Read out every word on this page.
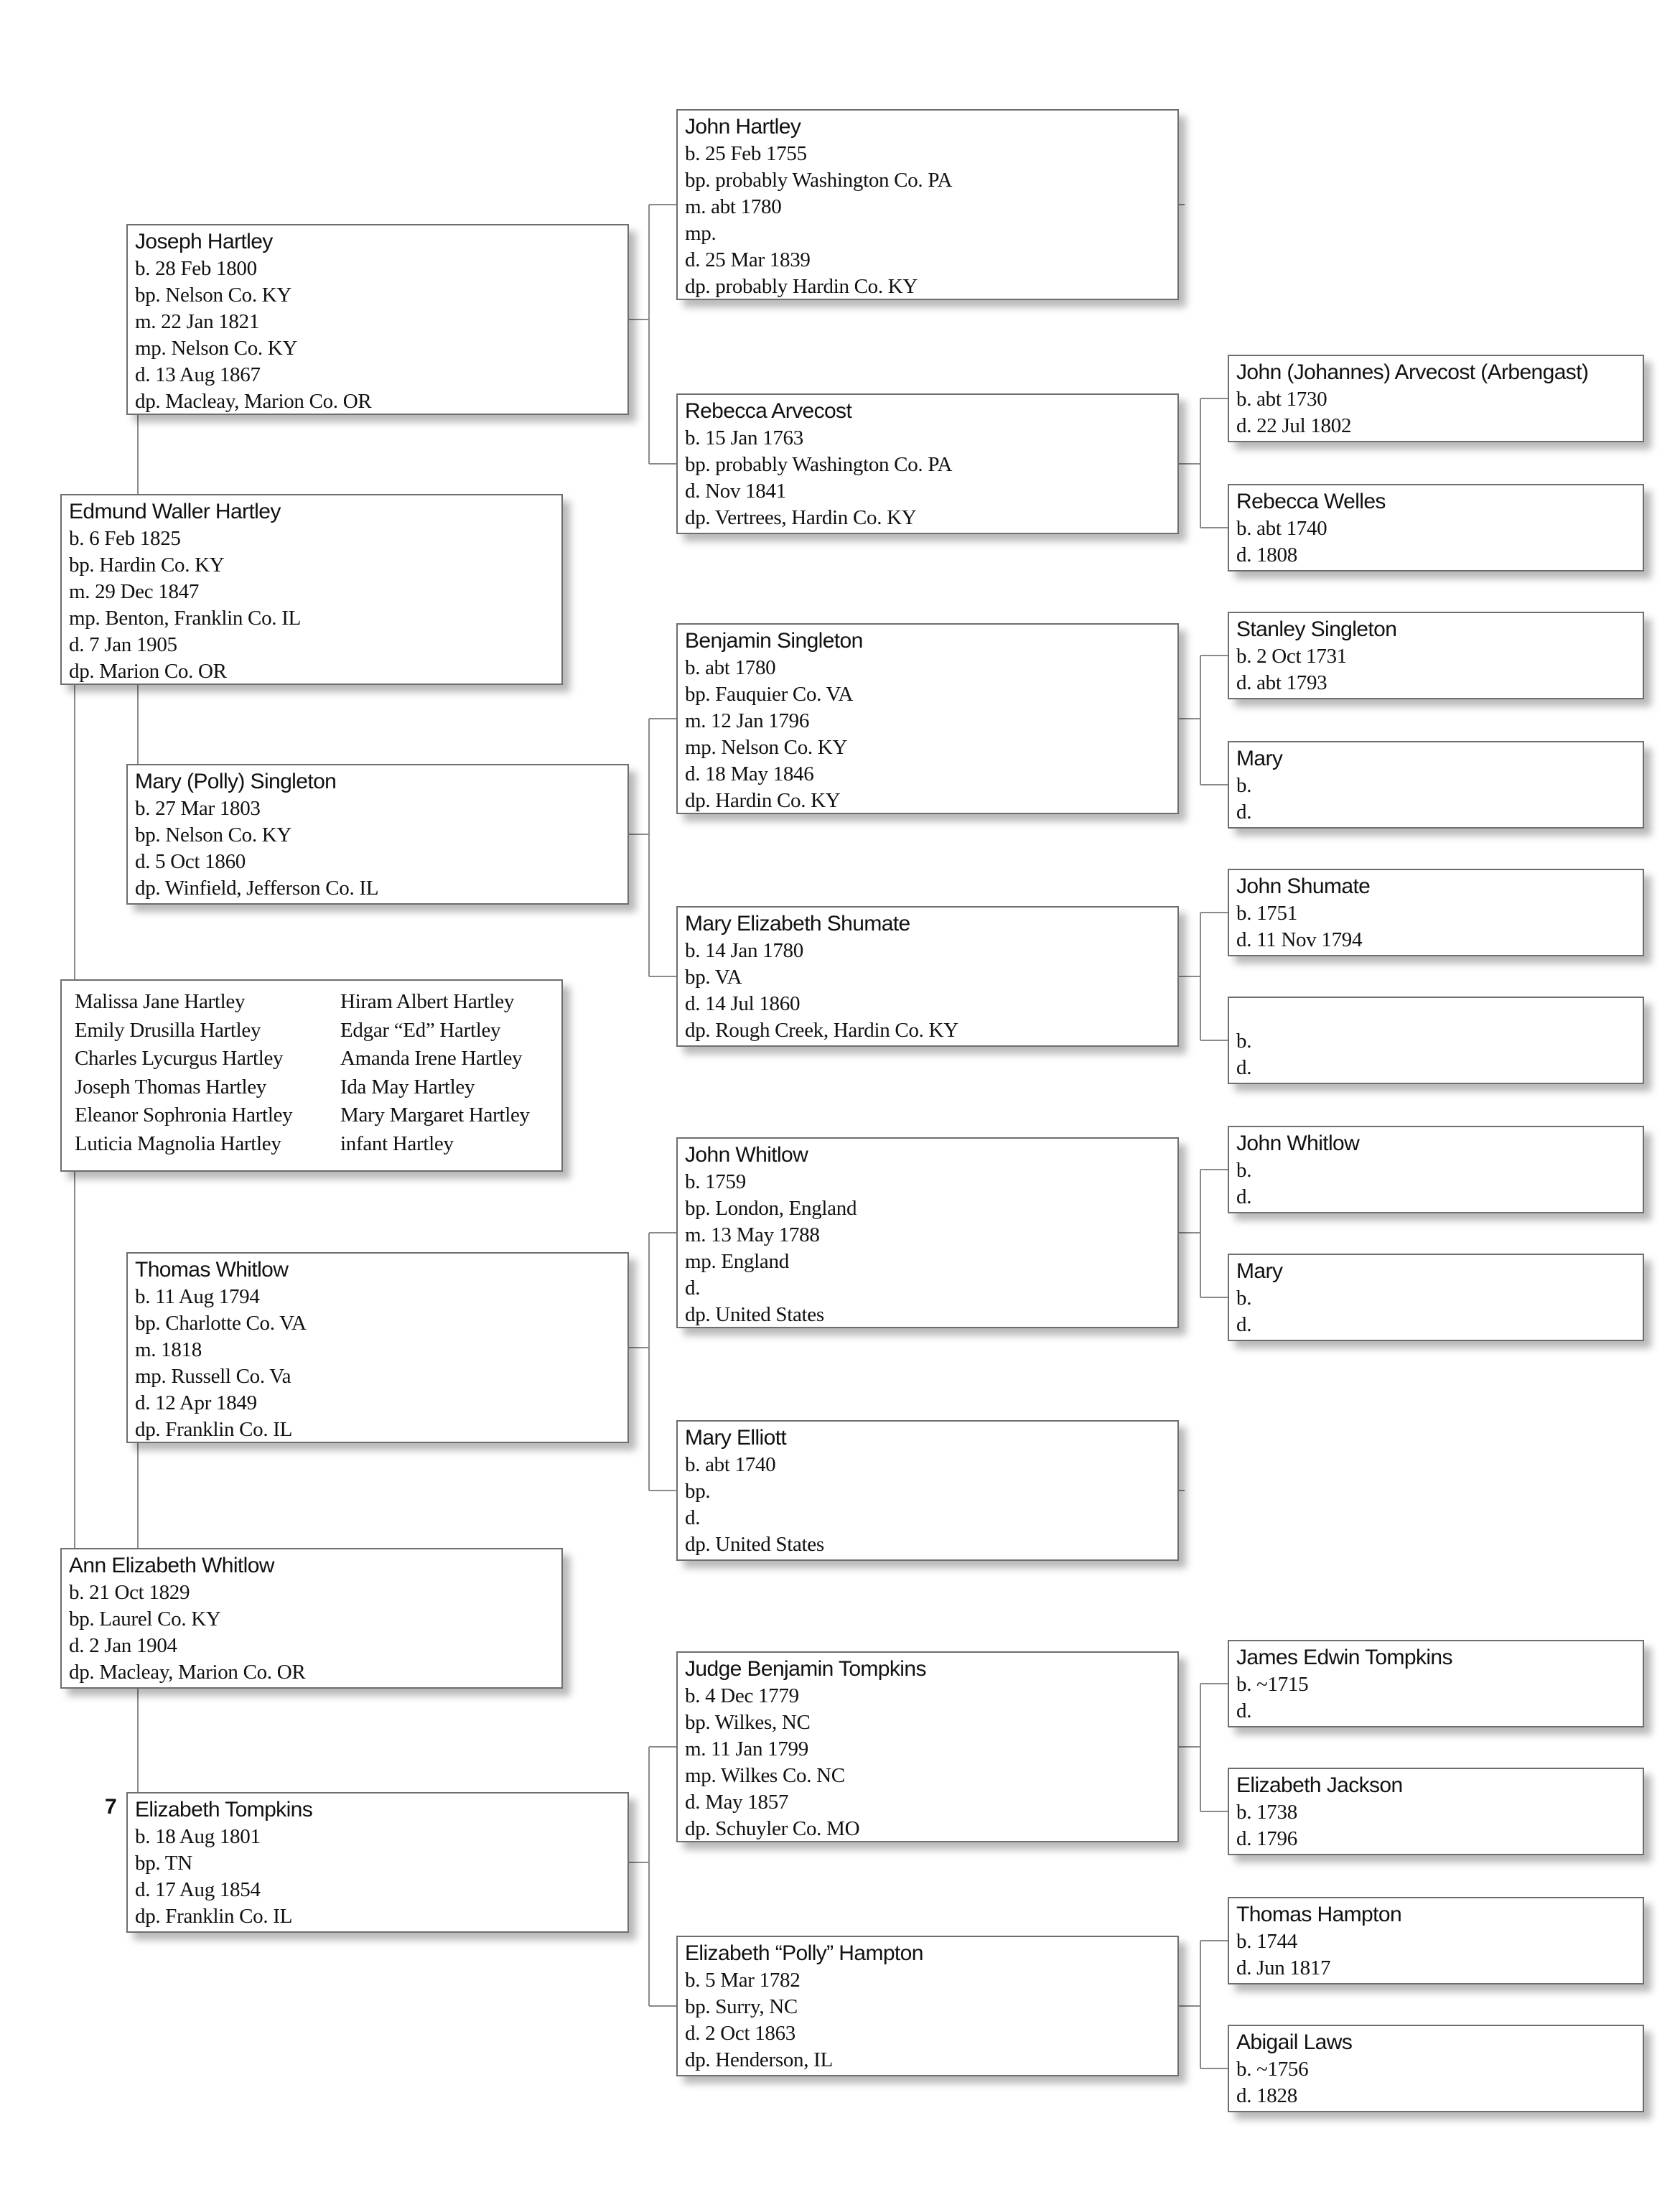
Malissa Jane Hartley
Emily Drusilla Hartley
Charles Lycurgus Hartley
Joseph Thomas Hartley
Eleanor Sophronia Hartley
Luticia Magnolia Hartley
Hiram Albert Hartley
Edgar “Ed” Hartley
Amanda Irene Hartley
Ida May Hartley
Mary Margaret Hartley
infant Hartley
Joseph Hartley
b. 28 Feb 1800
bp. Nelson Co. KY
m. 22 Jan 1821
mp. Nelson Co. KY
d. 13 Aug 1867
dp. Macleay, Marion Co. OR
Edmund Waller Hartley
b. 6 Feb 1825
bp. Hardin Co. KY
m. 29 Dec 1847
mp. Benton, Franklin Co. IL
d. 7 Jan 1905
dp. Marion Co. OR
Mary (Polly) Singleton
b. 27 Mar 1803
bp. Nelson Co. KY
d. 5 Oct 1860
dp. Winfield, Jefferson Co. IL
Thomas Whitlow
b. 11 Aug 1794
bp. Charlotte Co. VA
m. 1818
mp. Russell Co. Va
d. 12 Apr 1849
dp. Franklin Co. IL
Ann Elizabeth Whitlow
b. 21 Oct 1829
bp. Laurel Co. KY
d. 2 Jan 1904
dp. Macleay, Marion Co. OR
Elizabeth Tompkins
b. 18 Aug 1801
bp. TN
d. 17 Aug 1854
dp. Franklin Co. IL
7
John Hartley
b. 25 Feb 1755
bp. probably Washington Co. PA
m. abt 1780
mp.
d. 25 Mar 1839
dp. probably Hardin Co. KY
Rebecca Arvecost
b. 15 Jan 1763
bp. probably Washington Co. PA
d. Nov 1841
dp. Vertrees, Hardin Co. KY
Benjamin Singleton
b. abt 1780
bp. Fauquier Co. VA
m. 12 Jan 1796
mp. Nelson Co. KY
d. 18 May 1846
dp. Hardin Co. KY
Mary Elizabeth Shumate
b. 14 Jan 1780
bp. VA
d. 14 Jul 1860
dp. Rough Creek, Hardin Co. KY
John Whitlow
b. 1759
bp. London, England
m. 13 May 1788
mp. England
d.
dp. United States
Mary Elliott
b. abt 1740
bp.
d.
dp. United States
Judge Benjamin Tompkins
b. 4 Dec 1779
bp. Wilkes, NC
m. 11 Jan 1799
mp. Wilkes Co. NC
d. May 1857
dp. Schuyler Co. MO
Elizabeth “Polly” Hampton
b. 5 Mar 1782
bp. Surry, NC
d. 2 Oct 1863
dp. Henderson, IL
John (Johannes) Arvecost (Arbengast)
b. abt 1730
d. 22 Jul 1802
Rebecca Welles
b. abt 1740
d. 1808
Stanley Singleton
b. 2 Oct 1731
d. abt 1793
Mary
b.
d.
John Shumate
b. 1751
d. 11 Nov 1794

b.
d.
John Whitlow
b.
d.
Mary
b.
d.
James Edwin Tompkins
b. ~1715
d.
Elizabeth Jackson
b. 1738
d. 1796
Thomas Hampton
b. 1744
d. Jun 1817
Abigail Laws
b. ~1756
d. 1828
